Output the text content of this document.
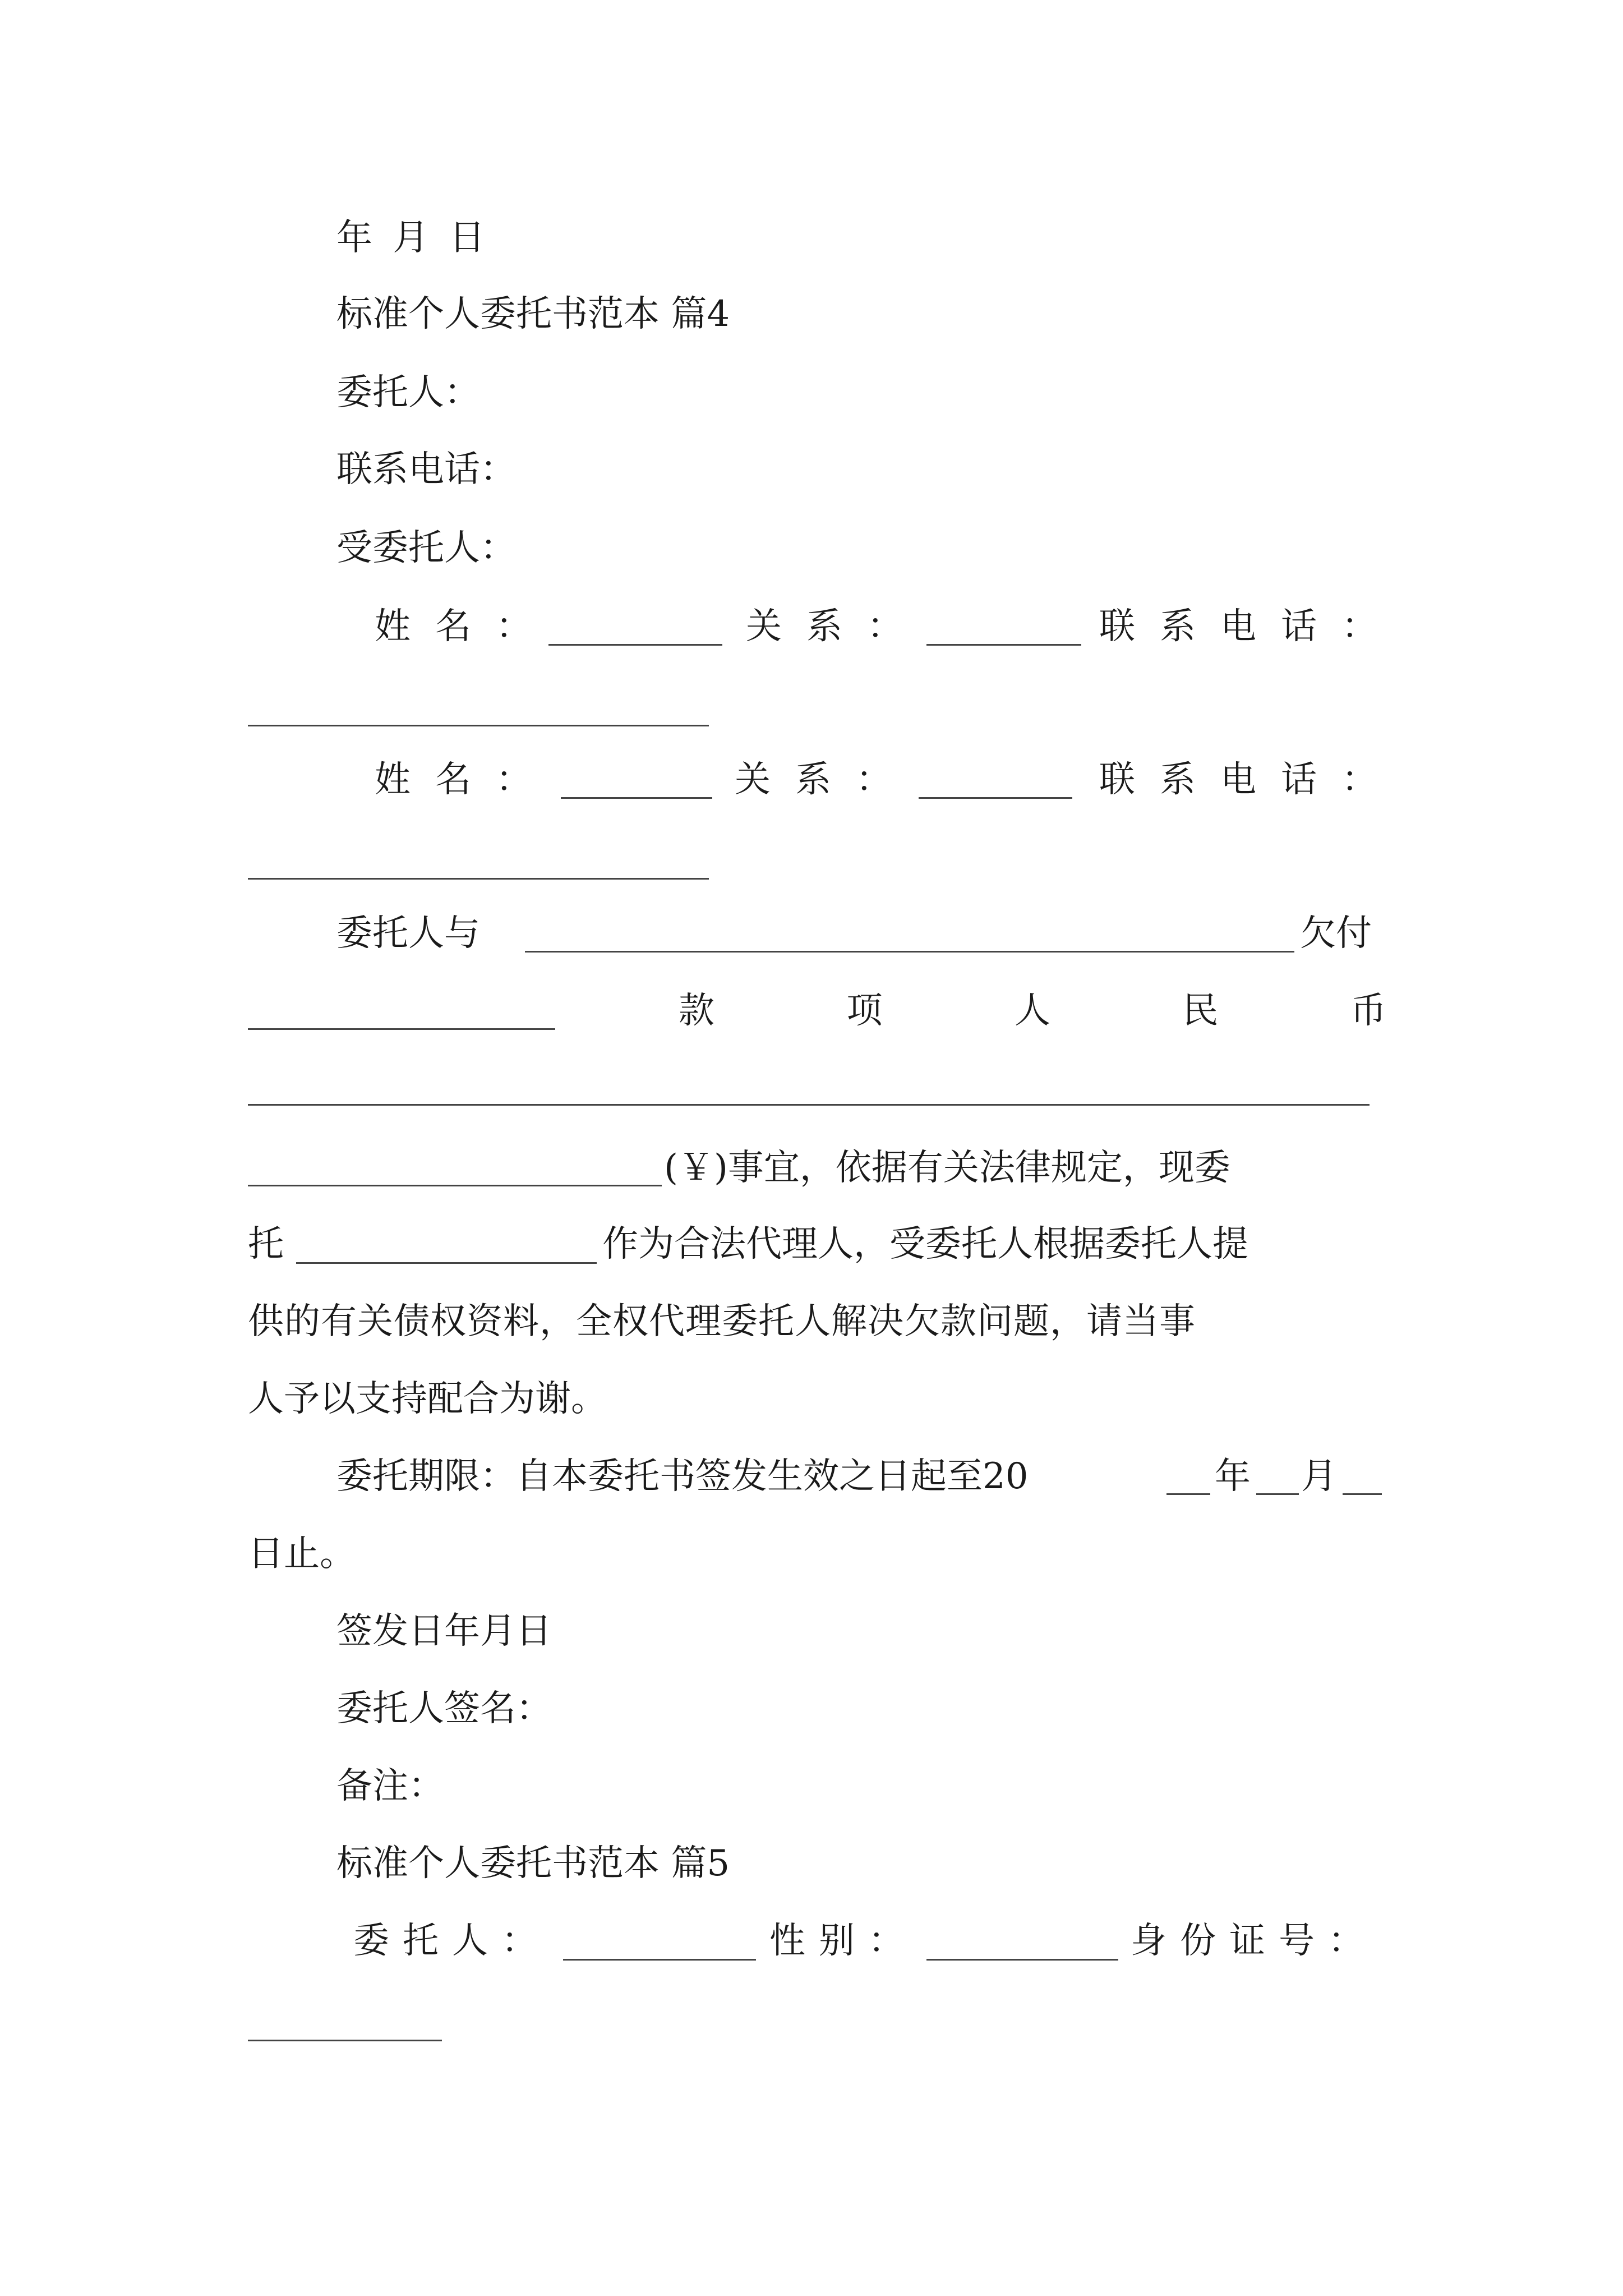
年 月 日
标准个人委托书范本 篇4
委托人：
联系电话：
受委托人：
姓名：	关系：	联系电话：
姓名：	关系：	联系电话：
委托人与	欠付
款	项	人	民	币
(￥)事宜，依据有关法律规定，现委
托	作为合法代理人，受委托人根据委托人提
供的有关债权资料，全权代理委托人解决欠款问题，请当事
人予以支持配合为谢。
委托期限：自本委托书签发生效之日起至20	年 月
日止。
签发日年月日
委托人签名：
备注：
标准个人委托书范本 篇5
委托人：	性别：	身份证号：
